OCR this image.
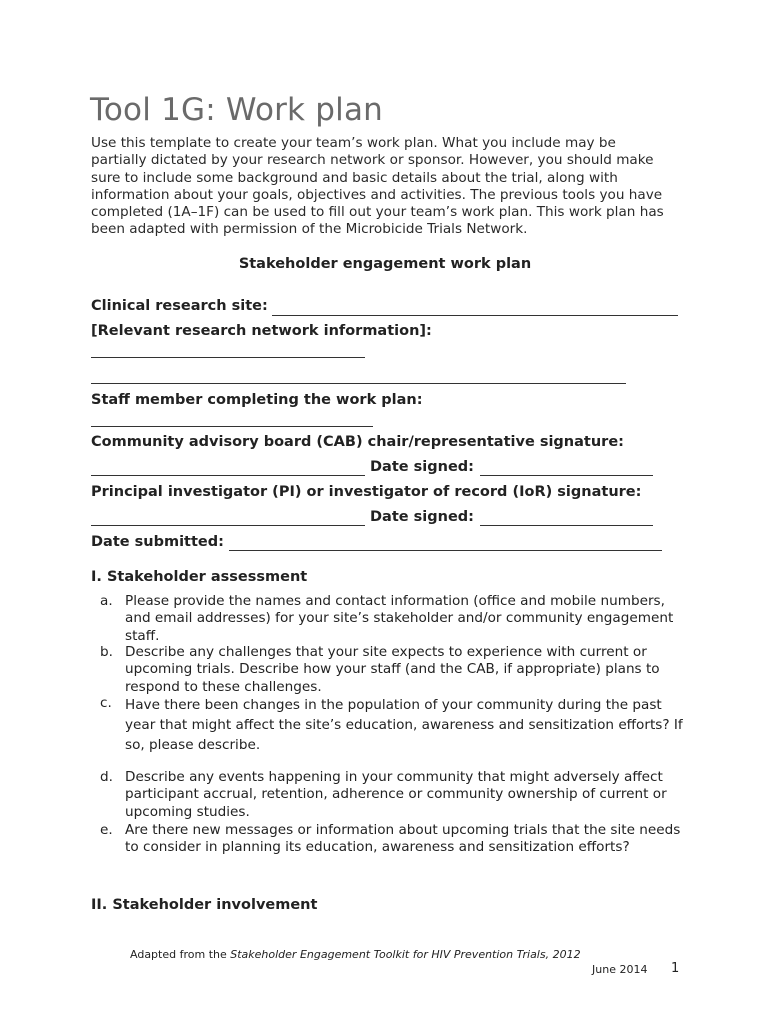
Tool 1G: Work plan

Use this template to create your team’s work plan. What you include may be partially dictated by your research network or sponsor. However, you should make sure to include some background and basic details about the trial, along with information about your goals, objectives and activities. The previous tools you have completed (1A–1F) can be used to fill out your team’s work plan. This work plan has been adapted with permission of the Microbicide Trials Network.

Stakeholder engagement work plan
Clinical research site:
[Relevant research network information]:
Staff member completing the work plan:
Community advisory board (CAB) chair/representative signature:
Date signed:
Principal investigator (PI) or investigator of record (IoR) signature:
Date signed:
Date submitted:
I. Stakeholder assessment
a. Please provide the names and contact information (office and mobile numbers, and email addresses) for your site’s stakeholder and/or community engagement staff.
b. Describe any challenges that your site expects to experience with current or upcoming trials. Describe how your staff (and the CAB, if appropriate) plans to respond to these challenges.
c. Have there been changes in the population of your community during the past year that might affect the site’s education, awareness and sensitization efforts? If so, please describe.
d. Describe any events happening in your community that might adversely affect participant accrual, retention, adherence or community ownership of current or upcoming studies.
e. Are there new messages or information about upcoming trials that the site needs to consider in planning its education, awareness and sensitization efforts?
II. Stakeholder involvement
Adapted from the Stakeholder Engagement Toolkit for HIV Prevention Trials, 2012
June 2014 1
